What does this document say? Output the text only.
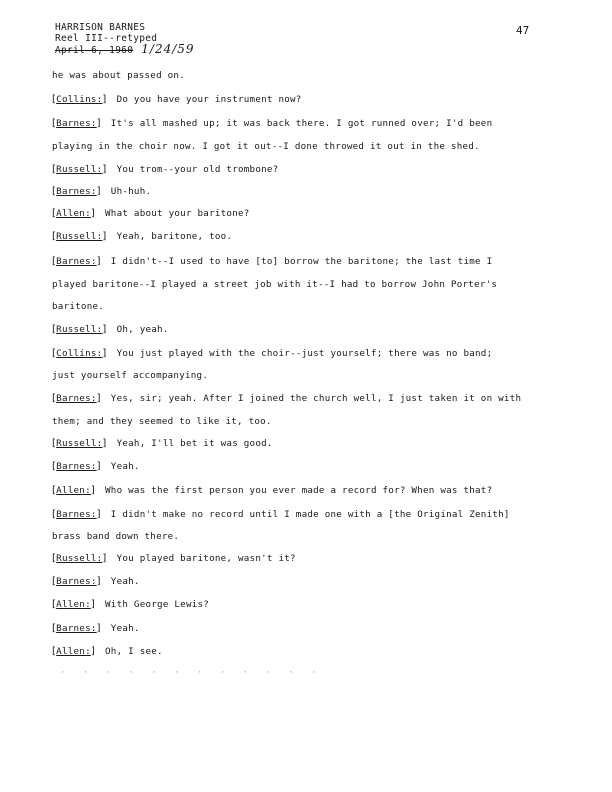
HARRISON BARNES
Reel III--retyped
April 6, 1960 1/24/59
47
he was about passed on.
[Collins:] Do you have your instrument now?
[Barnes:] It's all mashed up; it was back there. I got runned over; I'd been
playing in the choir now. I got it out--I done throwed it out in the shed.
[Russell:] You trom--your old trombone?
[Barnes:] Uh-huh.
[Allen:] What about your baritone?
[Russell:] Yeah, baritone, too.
[Barnes:] I didn't--I used to have [to] borrow the baritone; the last time I
played baritone--I played a street job with it--I had to borrow John Porter's
baritone.
[Russell:] Oh, yeah.
[Collins:] You just played with the choir--just yourself; there was no band;
just yourself accompanying.
[Barnes:] Yes, sir; yeah. After I joined the church well, I just taken it on with
them; and they seemed to like it, too.
[Russell:] Yeah, I'll bet it was good.
[Barnes:] Yeah.
[Allen:] Who was the first person you ever made a record for? When was that?
[Barnes:] I didn't make no record until I made one with a [the Original Zenith]
brass band down there.
[Russell:] You played baritone, wasn't it?
[Barnes:] Yeah.
[Allen:] With George Lewis?
[Barnes:] Yeah.
[Allen:] Oh, I see.
· · · · · · · · · · · ·
